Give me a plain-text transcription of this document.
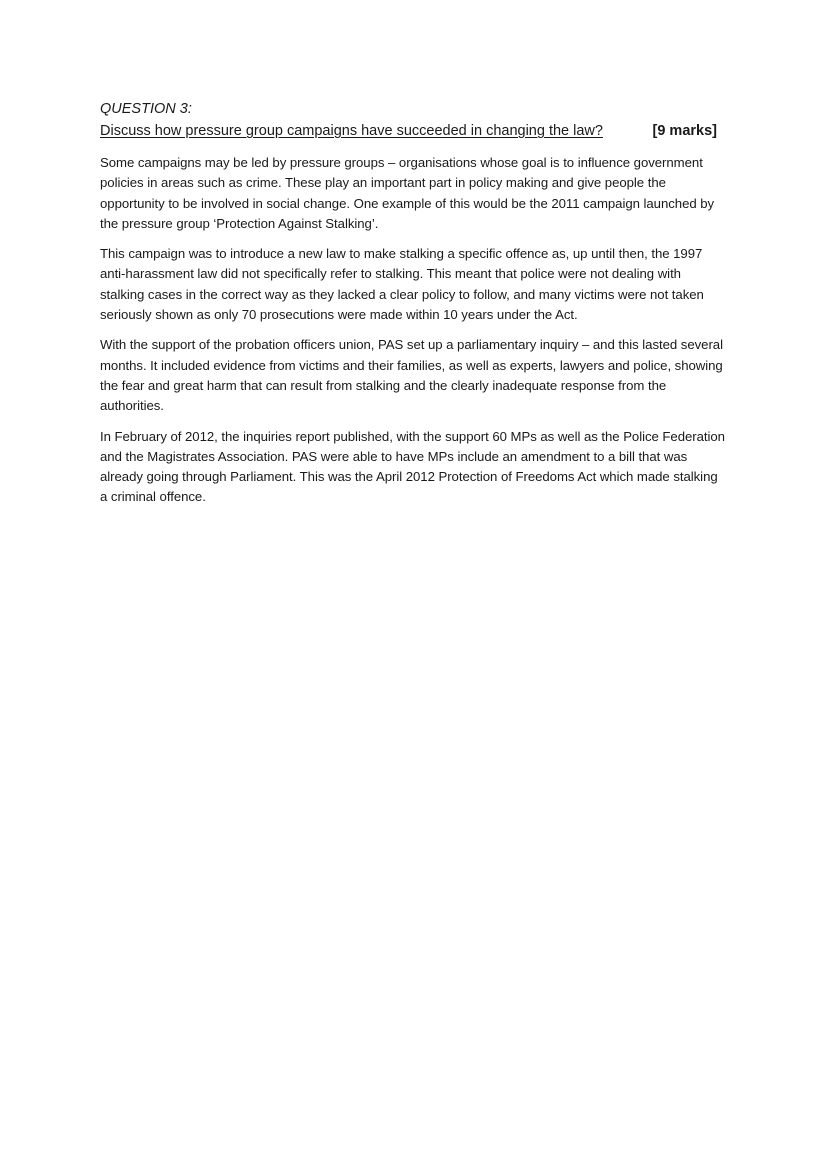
QUESTION 3:
Discuss how pressure group campaigns have succeeded in changing the law?	[9 marks]

Some campaigns may be led by pressure groups – organisations whose goal is to influence government policies in areas such as crime. These play an important part in policy making and give people the opportunity to be involved in social change. One example of this would be the 2011 campaign launched by the pressure group ‘Protection Against Stalking’.

This campaign was to introduce a new law to make stalking a specific offence as, up until then, the 1997 anti-harassment law did not specifically refer to stalking. This meant that police were not dealing with stalking cases in the correct way as they lacked a clear policy to follow, and many victims were not taken seriously shown as only 70 prosecutions were made within 10 years under the Act.

With the support of the probation officers union, PAS set up a parliamentary inquiry – and this lasted several months. It included evidence from victims and their families, as well as experts, lawyers and police, showing the fear and great harm that can result from stalking and the clearly inadequate response from the authorities.

In February of 2012, the inquiries report published, with the support 60 MPs as well as the Police Federation and the Magistrates Association. PAS were able to have MPs include an amendment to a bill that was already going through Parliament. This was the April 2012 Protection of Freedoms Act which made stalking a criminal offence.
